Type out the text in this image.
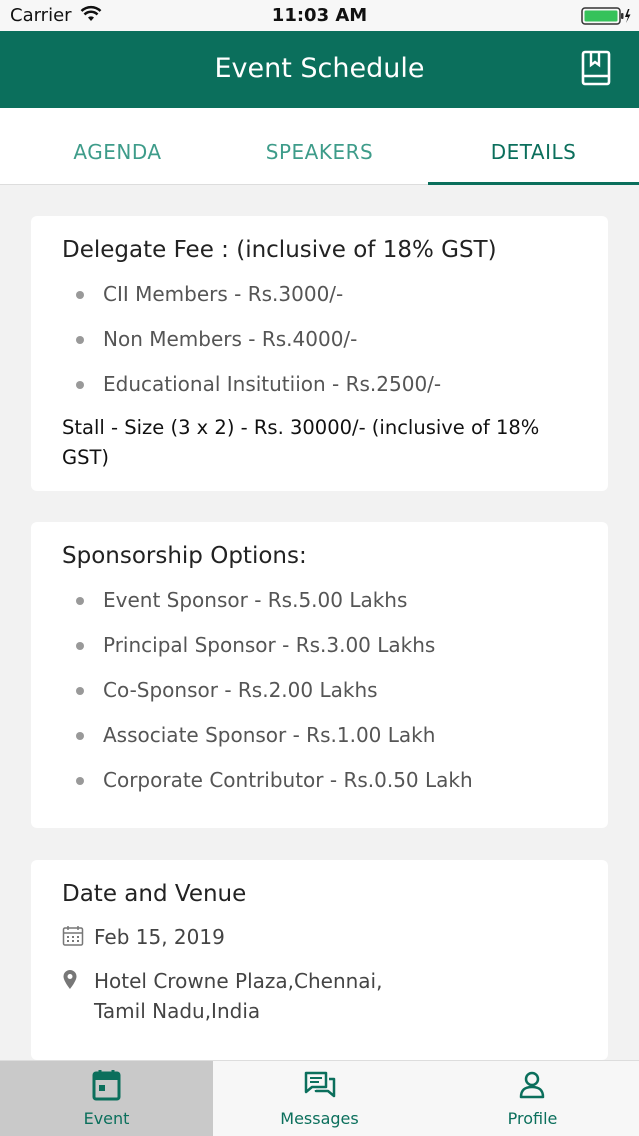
Carrier	11:03 AM
Event Schedule
AGENDA	SPEAKERS	DETAILS
Delegate Fee : (inclusive of 18% GST)
CII Members - Rs.3000/-
Non Members - Rs.4000/-
Educational Insitutiion - Rs.2500/-

Stall - Size (3 x 2) - Rs. 30000/- (inclusive of 18% GST)

Sponsorship Options:
Event Sponsor - Rs.5.00 Lakhs
Principal Sponsor - Rs.3.00 Lakhs
Co-Sponsor - Rs.2.00 Lakhs
Associate Sponsor - Rs.1.00 Lakh
Corporate Contributor - Rs.0.50 Lakh
Date and Venue
Feb 15, 2019
Hotel Crowne Plaza,Chennai, Tamil Nadu,India
Event	Messages	Profile
